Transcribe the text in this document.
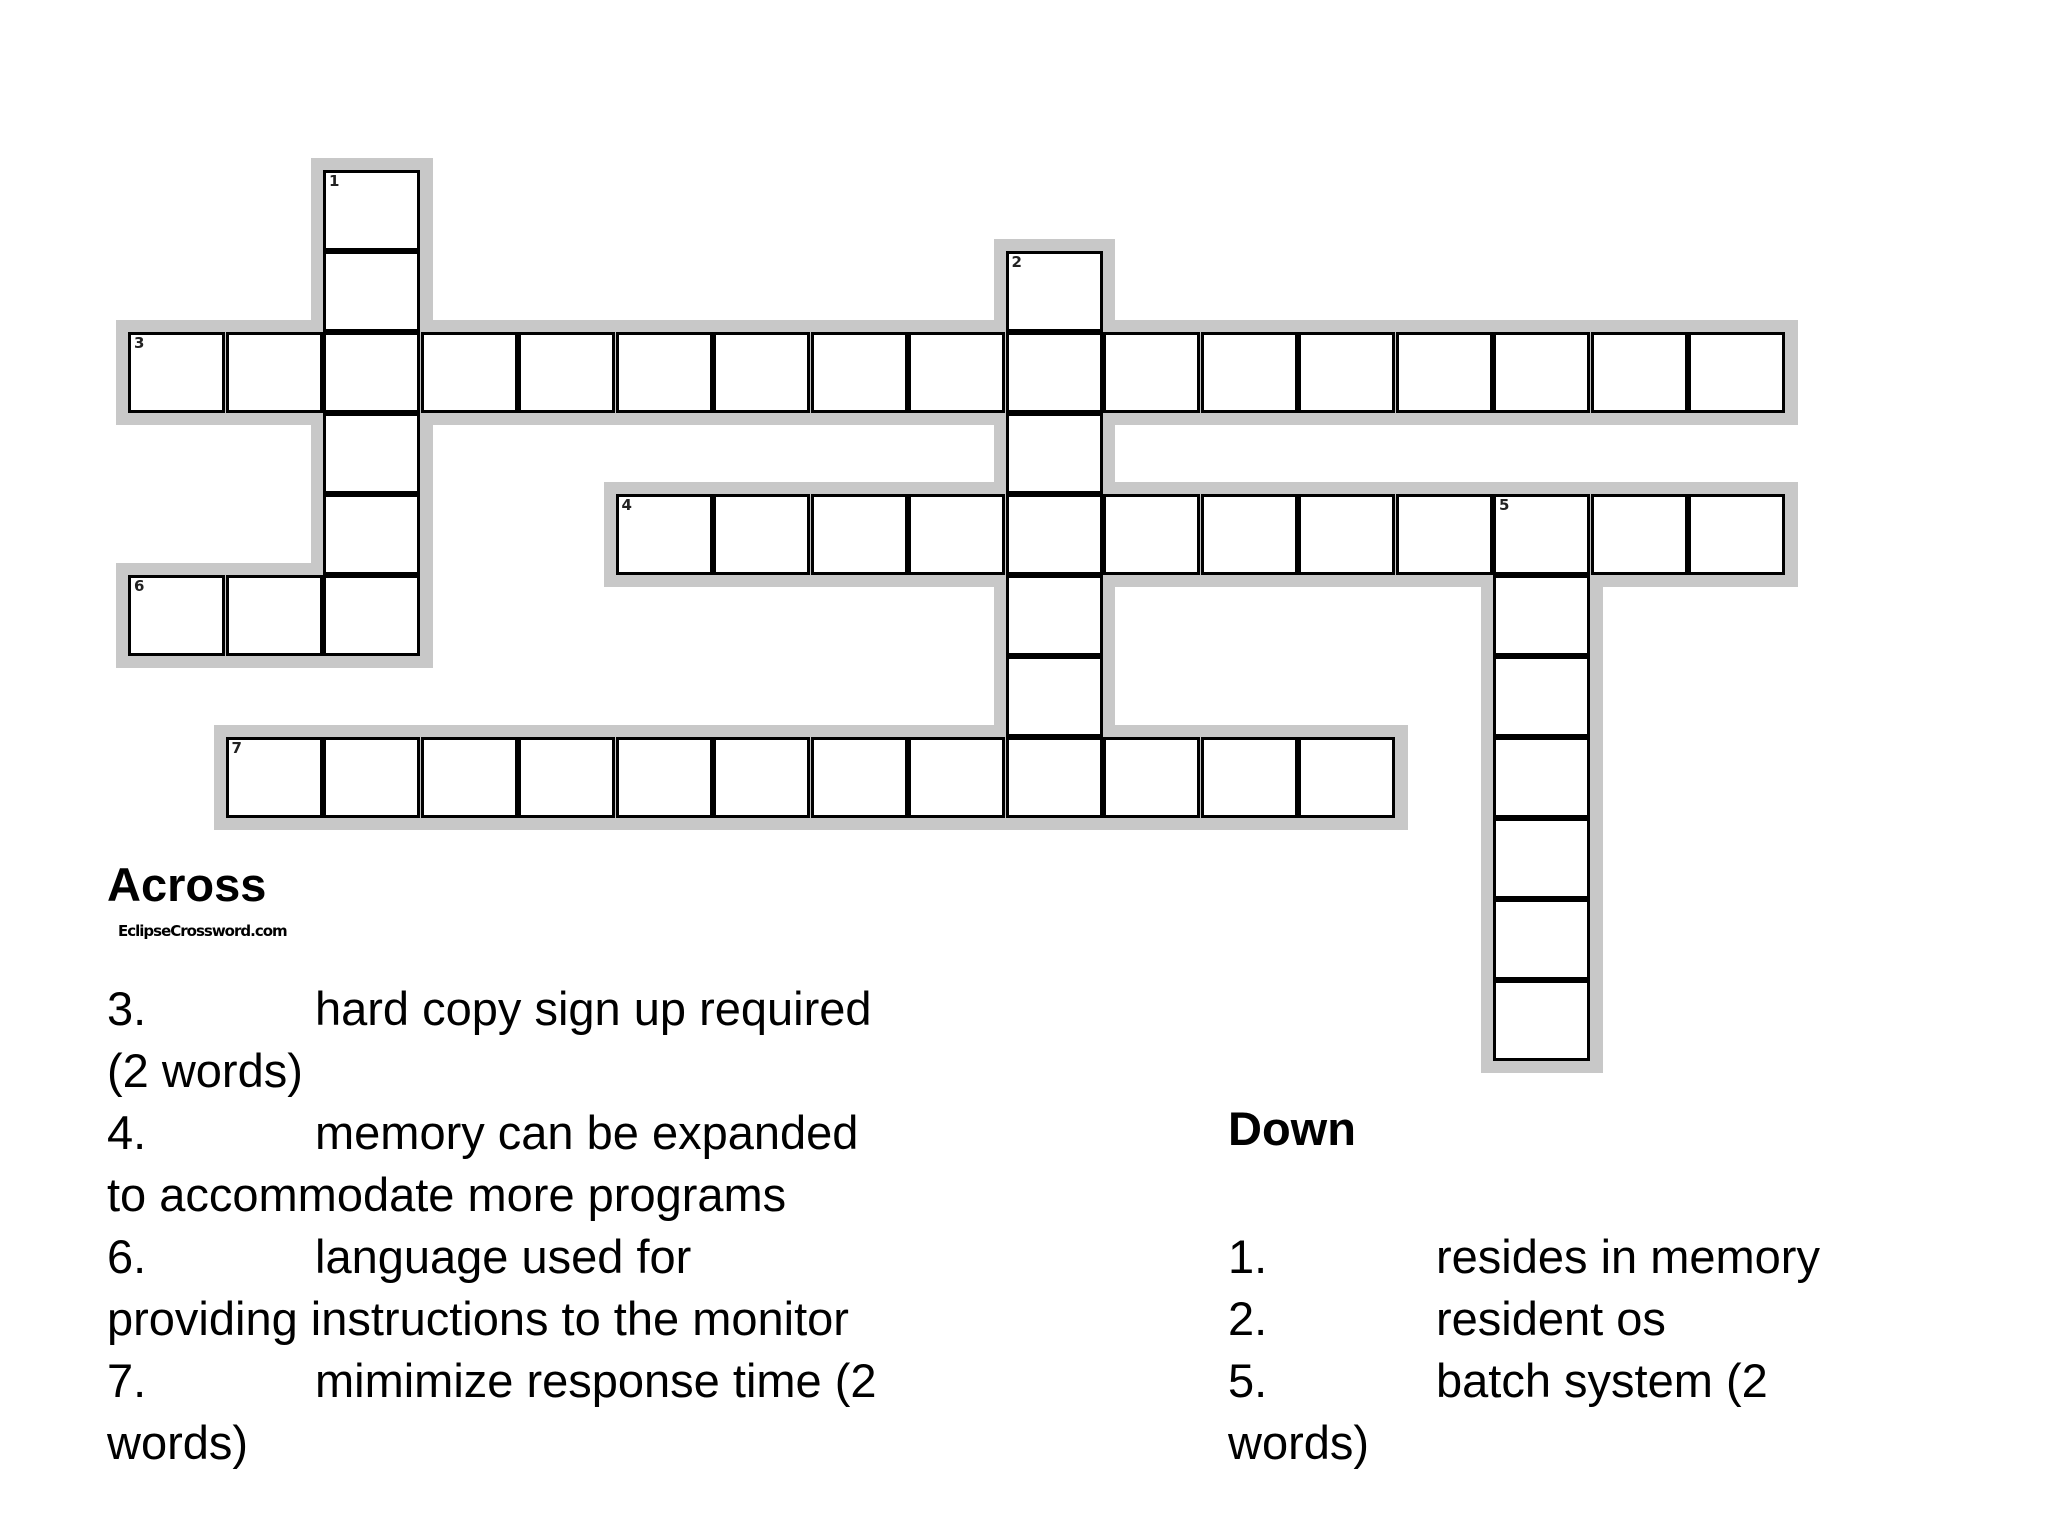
1
2
3
4	5
6
7
Across
EclipseCrossword.com
3.	hard copy sign up required
(2 words)
4.	memory can be expanded
to accommodate more programs
6.	language used for
providing instructions to the monitor
7.	mimimize response time (2
words)
Down
1.	resides in memory
2.	resident os
5.	batch system (2
words)
